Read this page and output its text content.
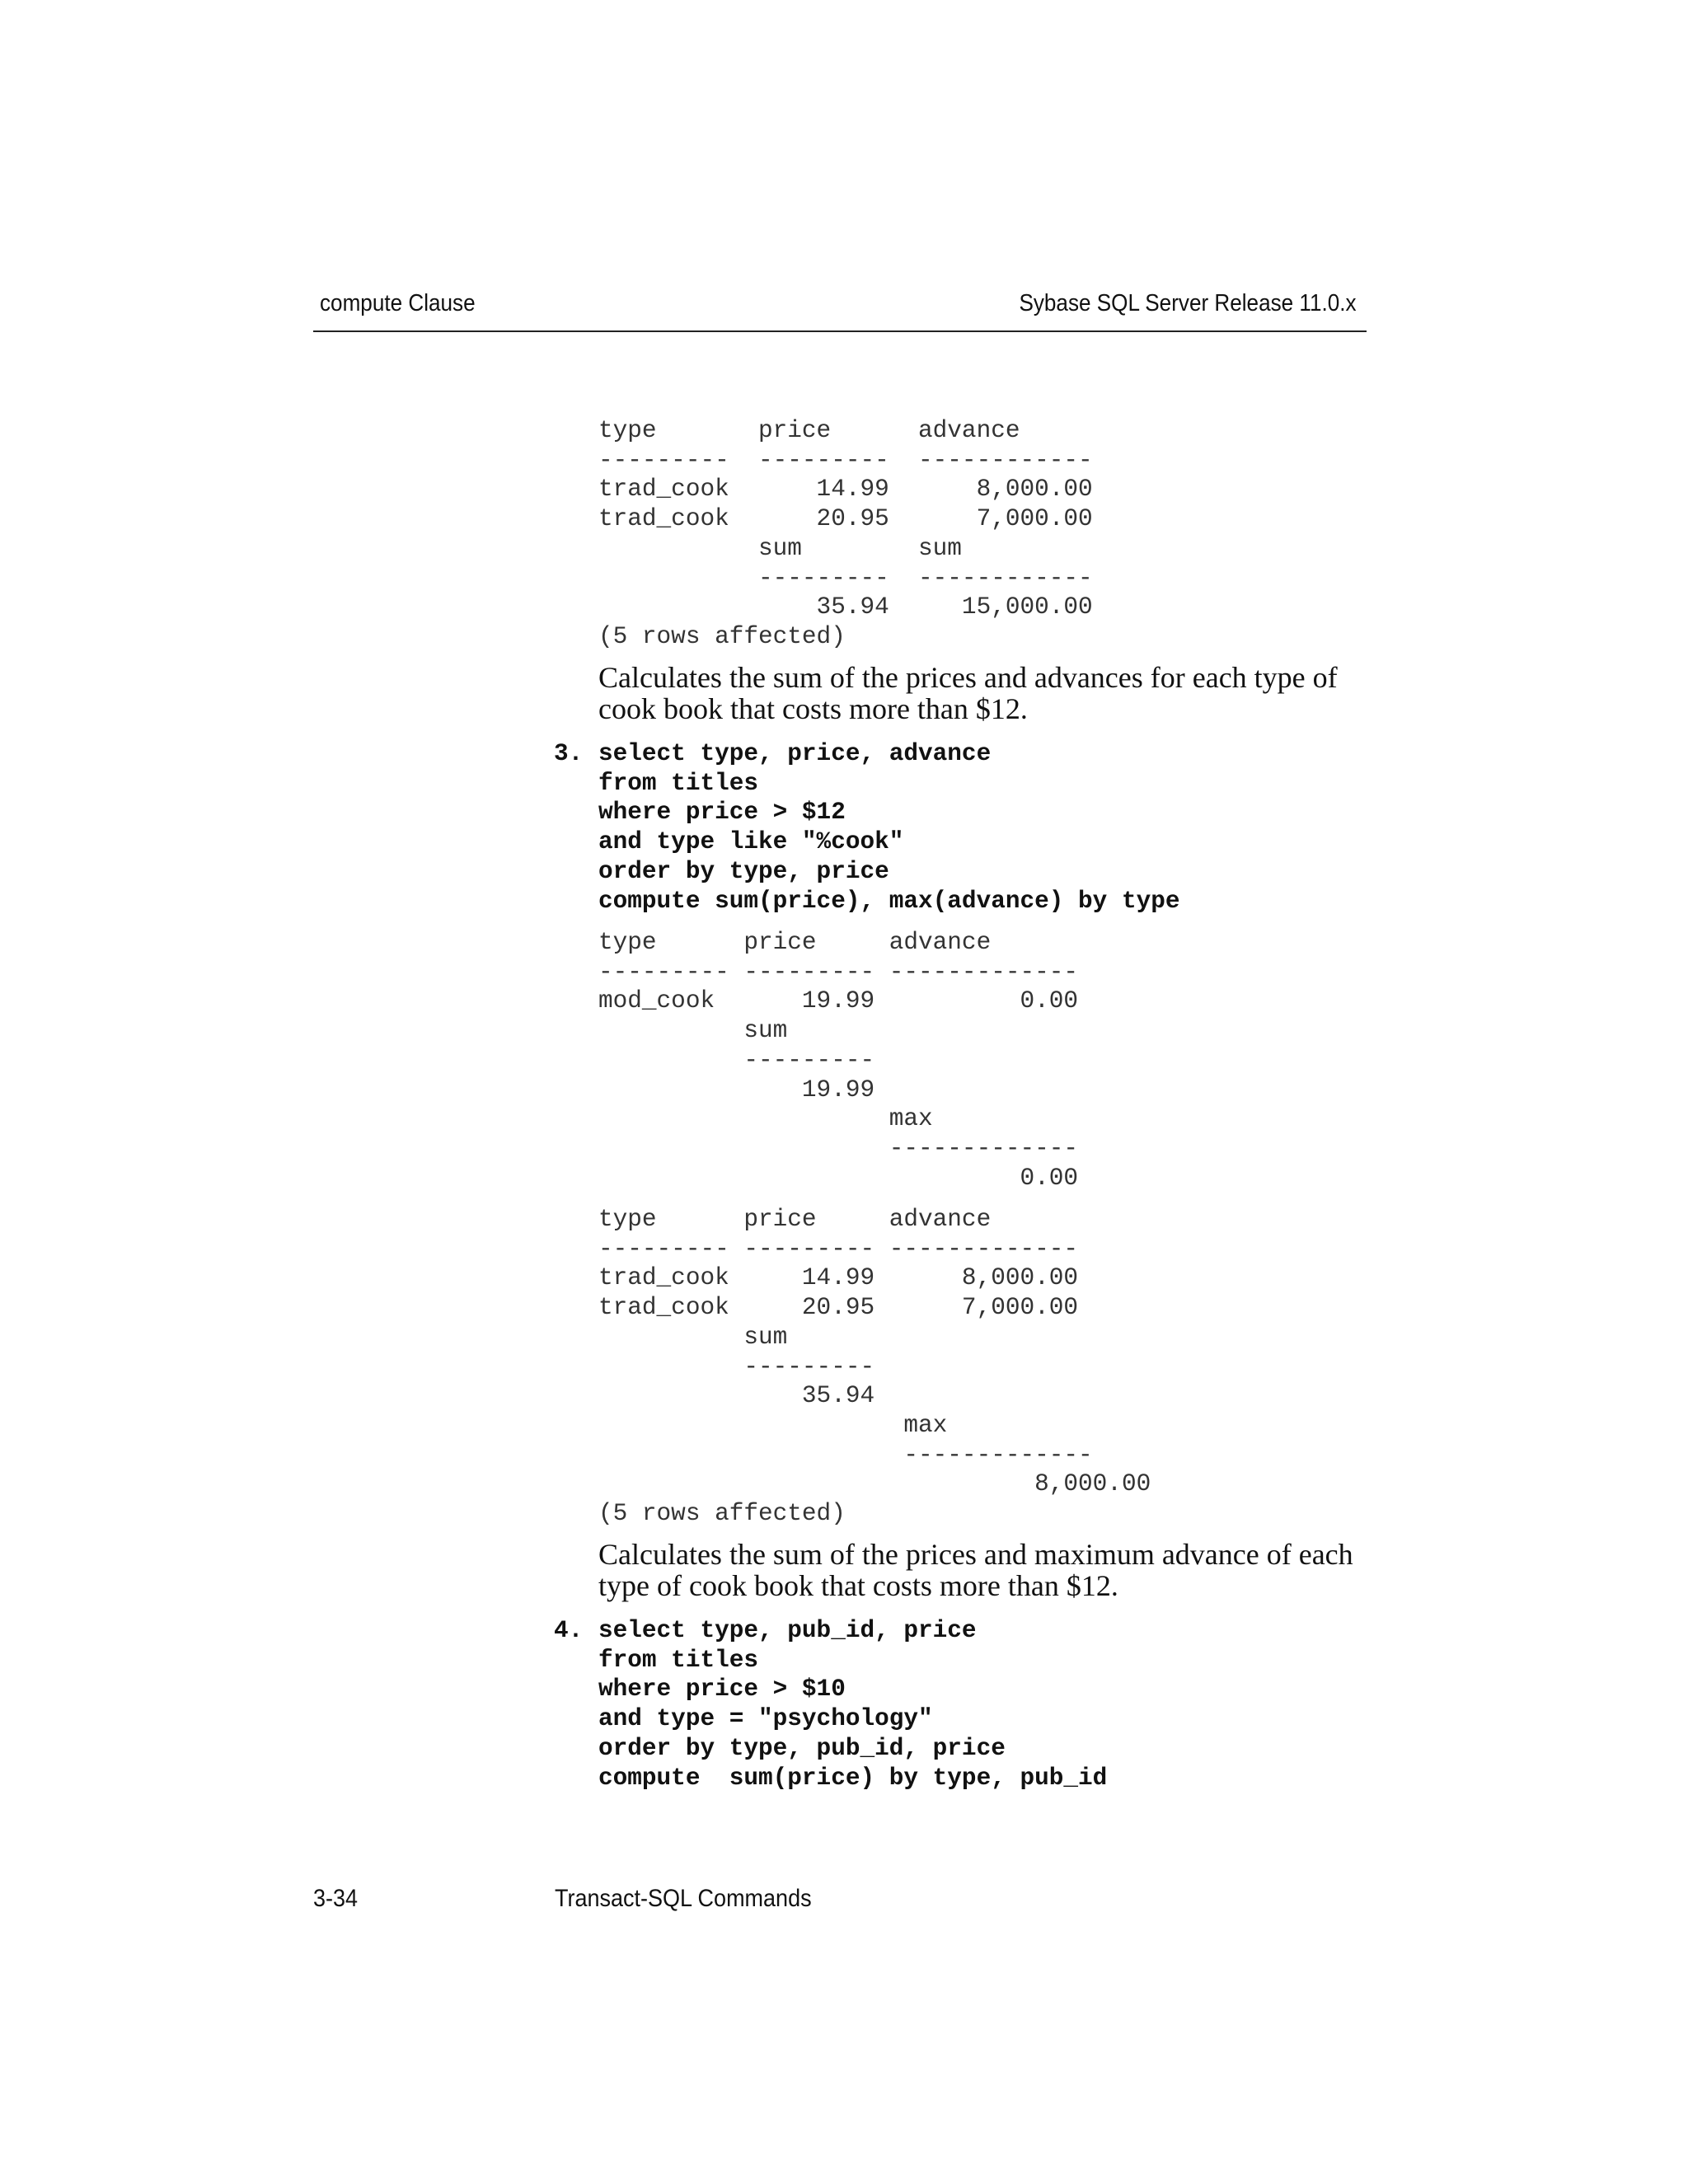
compute Clause	Sybase SQL Server Release 11.0.x
type       price      advance
---------  ---------  ------------
trad_cook      14.99      8,000.00
trad_cook      20.95      7,000.00
sum        sum
---------  ------------
35.94     15,000.00
(5 rows affected)

Calculates the sum of the prices and advances for each type of cook book that costs more than $12.

3. select type, price, advance
from titles
where price > $12
and type like "%cook"
order by type, price
compute sum(price), max(advance) by type
type      price     advance
--------- --------- -------------
mod_cook      19.99          0.00
sum
---------
19.99
max
-------------
0.00
type      price     advance
--------- --------- -------------
trad_cook     14.99      8,000.00
trad_cook     20.95      7,000.00
sum
---------
35.94
max
-------------
8,000.00
(5 rows affected)

Calculates the sum of the prices and maximum advance of each type of cook book that costs more than $12.

4. select type, pub_id, price
from titles
where price > $10
and type = "psychology"
order by type, pub_id, price
compute  sum(price) by type, pub_id
3-34	Transact-SQL Commands
